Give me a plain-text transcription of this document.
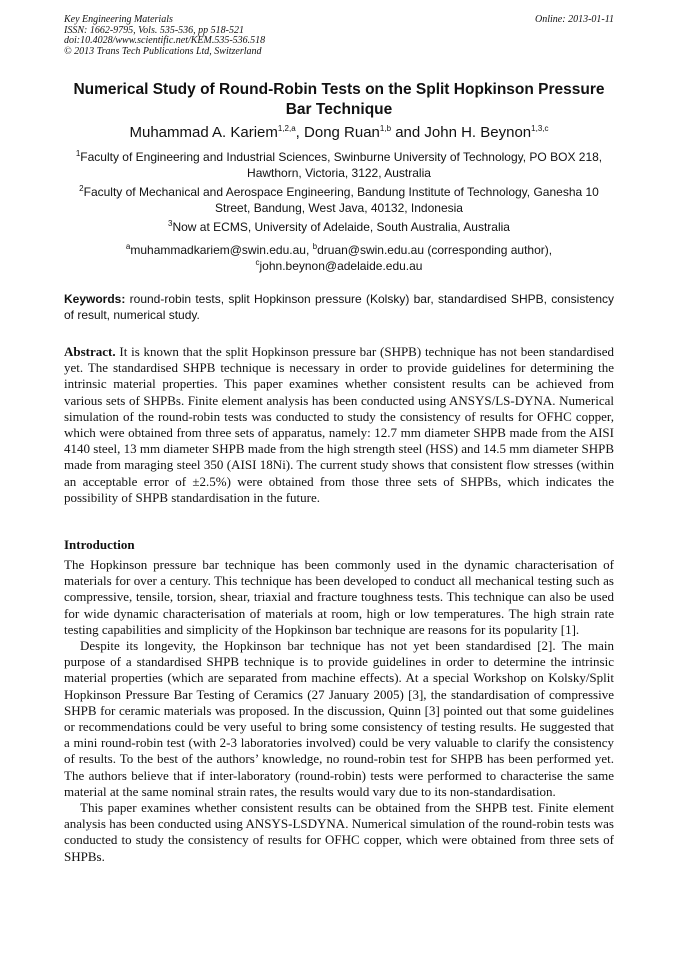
Key Engineering Materials
ISSN: 1662-9795, Vols. 535-536, pp 518-521
doi:10.4028/www.scientific.net/KEM.535-536.518
© 2013 Trans Tech Publications Ltd, Switzerland
Online: 2013-01-11
Numerical Study of Round-Robin Tests on the Split Hopkinson Pressure Bar Technique
Muhammad A. Kariem$^{1,2,a}$, Dong Ruan$^{1,b}$ and John H. Beynon$^{1,3,c}$
$^1$Faculty of Engineering and Industrial Sciences, Swinburne University of Technology, PO BOX 218, Hawthorn, Victoria, 3122, Australia
$^2$Faculty of Mechanical and Aerospace Engineering, Bandung Institute of Technology, Ganesha 10 Street, Bandung, West Java, 40132, Indonesia
$^3$Now at ECMS, University of Adelaide, South Australia, Australia
$^a$muhammadkariem@swin.edu.au, $^b$druan@swin.edu.au (corresponding author),
$^c$john.beynon@adelaide.edu.au
Keywords: round-robin tests, split Hopkinson pressure (Kolsky) bar, standardised SHPB, consistency of result, numerical study.
Abstract. It is known that the split Hopkinson pressure bar (SHPB) technique has not been standardised yet. The standardised SHPB technique is necessary in order to provide guidelines for determining the intrinsic material properties. This paper examines whether consistent results can be achieved from various sets of SHPBs. Finite element analysis has been conducted using ANSYS/LS-DYNA. Numerical simulation of the round-robin tests was conducted to study the consistency of results for OFHC copper, which were obtained from three sets of apparatus, namely: 12.7 mm diameter SHPB made from the AISI 4140 steel, 13 mm diameter SHPB made from the high strength steel (HSS) and 14.5 mm diameter SHPB made from maraging steel 350 (AISI 18Ni). The current study shows that consistent flow stresses (within an acceptable error of ±2.5%) were obtained from those three sets of SHPBs, which indicates the possibility of SHPB standardisation in the future.
Introduction

The Hopkinson pressure bar technique has been commonly used in the dynamic characterisation of materials for over a century. This technique has been developed to conduct all mechanical testing such as compressive, tensile, torsion, shear, triaxial and fracture toughness tests. This technique can also be used for wide dynamic characterisation of materials at room, high or low temperatures. The high strain rate testing capabilities and simplicity of the Hopkinson bar technique are reasons for its popularity [1].

Despite its longevity, the Hopkinson bar technique has not yet been standardised [2]. The main purpose of a standardised SHPB technique is to provide guidelines in order to determine the intrinsic material properties (which are separated from machine effects). At a special Workshop on Kolsky/Split Hopkinson Pressure Bar Testing of Ceramics (27 January 2005) [3], the standardisation of compressive SHPB for ceramic materials was proposed. In the discussion, Quinn [3] pointed out that some guidelines or recommendations could be very useful to bring some consistency of testing results. He suggested that a mini round-robin test (with 2-3 laboratories involved) could be very valuable to clarify the consistency of results. To the best of the authors’ knowledge, no round-robin test for SHPB has been performed yet. The authors believe that if inter-laboratory (round-robin) tests were performed to characterise the same material at the same nominal strain rates, the results would vary due to its non-standardisation.

This paper examines whether consistent results can be obtained from the SHPB test. Finite element analysis has been conducted using ANSYS-LSDYNA. Numerical simulation of the round-robin tests was conducted to study the consistency of results for OFHC copper, which were obtained from three sets of SHPBs.
